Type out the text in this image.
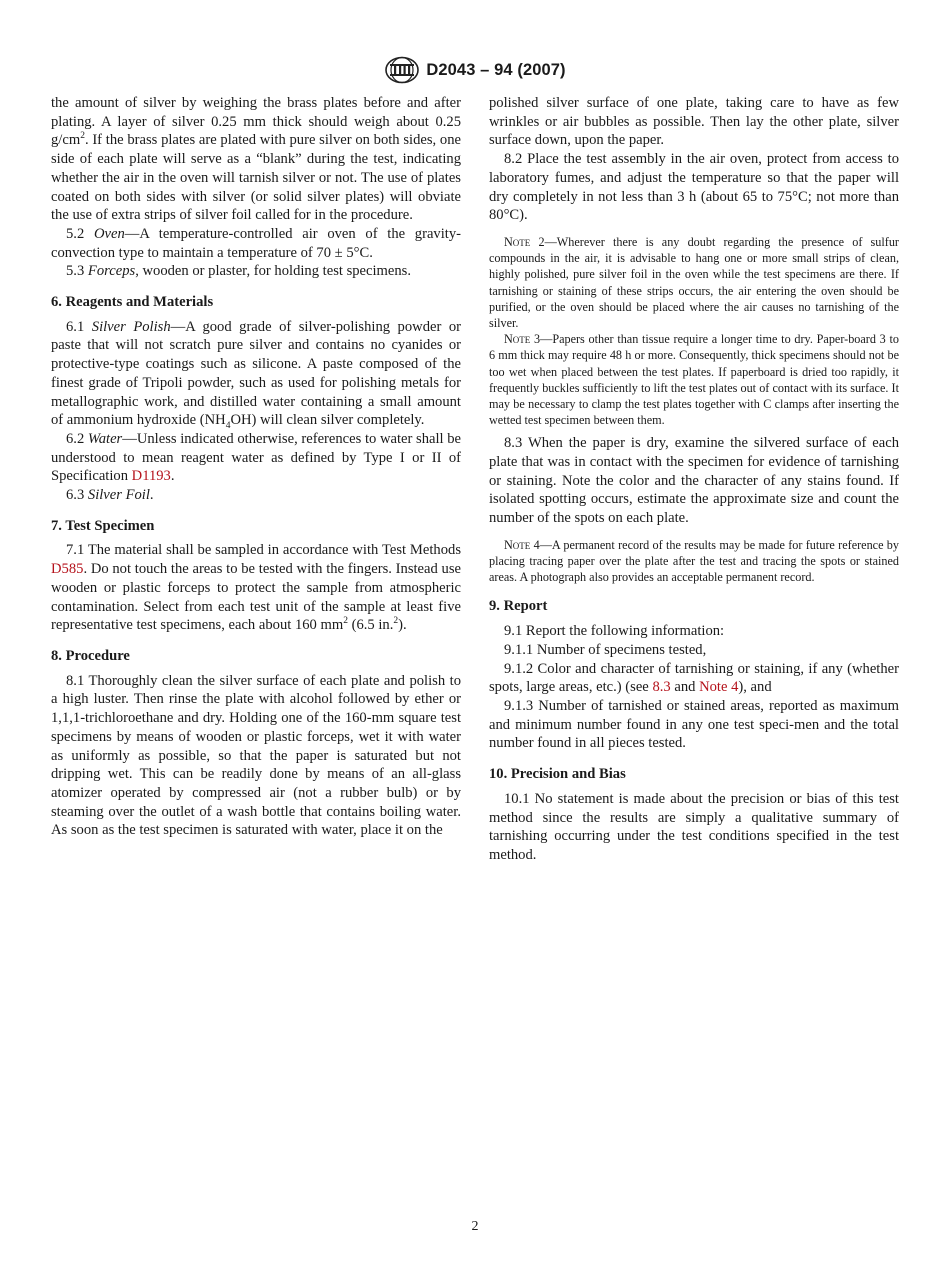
D2043 – 94 (2007)

the amount of silver by weighing the brass plates before and after plating. A layer of silver 0.25 mm thick should weigh about 0.25 $g/cm^2$. If the brass plates are plated with pure silver on both sides, one side of each plate will serve as a “blank” during the test, indicating whether the air in the oven will tarnish silver or not. The use of plates coated on both sides with silver (or solid silver plates) will obviate the use of extra strips of silver foil called for in the procedure.

5.2 Oven—A temperature-controlled air oven of the gravity-convection type to maintain a temperature of 70 ± 5°C.

5.3 Forceps, wooden or plaster, for holding test specimens.

6. Reagents and Materials

6.1 Silver Polish—A good grade of silver-polishing powder or paste that will not scratch pure silver and contains no cyanides or protective-type coatings such as silicone. A paste composed of the finest grade of Tripoli powder, such as used for polishing metals for metallographic work, and distilled water containing a small amount of ammonium hydroxide $(NH_4OH)$ will clean silver completely.

6.2 Water—Unless indicated otherwise, references to water shall be understood to mean reagent water as defined by Type I or II of Specification D1193.

6.3 Silver Foil.

7. Test Specimen

7.1 The material shall be sampled in accordance with Test Methods D585. Do not touch the areas to be tested with the fingers. Instead use wooden or plastic forceps to protect the sample from atmospheric contamination. Select from each test unit of the sample at least five representative test specimens, each about 160 $mm^2$ (6.5 in.$^2$).

8. Procedure

8.1 Thoroughly clean the silver surface of each plate and polish to a high luster. Then rinse the plate with alcohol followed by ether or 1,1,1-trichloroethane and dry. Holding one of the 160-mm square test specimens by means of wooden or plastic forceps, wet it with water as uniformly as possible, so that the paper is saturated but not dripping wet. This can be readily done by means of an all-glass atomizer operated by compressed air (not a rubber bulb) or by steaming over the outlet of a wash bottle that contains boiling water. As soon as the test specimen is saturated with water, place it on the

polished silver surface of one plate, taking care to have as few wrinkles or air bubbles as possible. Then lay the other plate, silver surface down, upon the paper.

8.2 Place the test assembly in the air oven, protect from access to laboratory fumes, and adjust the temperature so that the paper will dry completely in not less than 3 h (about 65 to 75°C; not more than 80°C).

Note 2—Wherever there is any doubt regarding the presence of sulfur compounds in the air, it is advisable to hang one or more small strips of clean, highly polished, pure silver foil in the oven while the test specimens are there. If tarnishing or staining of these strips occurs, the air entering the oven should be purified, or the oven should be placed where the air causes no tarnishing of the silver.

Note 3—Papers other than tissue require a longer time to dry. Paper-board 3 to 6 mm thick may require 48 h or more. Consequently, thick specimens should not be too wet when placed between the test plates. If paperboard is dried too rapidly, it frequently buckles sufficiently to lift the test plates out of contact with its surface. It may be necessary to clamp the test plates together with C clamps after inserting the wetted test specimen between them.

8.3 When the paper is dry, examine the silvered surface of each plate that was in contact with the specimen for evidence of tarnishing or staining. Note the color and the character of any stains found. If isolated spotting occurs, estimate the approximate size and count the number of the spots on each plate.

Note 4—A permanent record of the results may be made for future reference by placing tracing paper over the plate after the test and tracing the spots or stained areas. A photograph also provides an acceptable permanent record.

9. Report

9.1 Report the following information:

9.1.1 Number of specimens tested,

9.1.2 Color and character of tarnishing or staining, if any (whether spots, large areas, etc.) (see 8.3 and Note 4), and

9.1.3 Number of tarnished or stained areas, reported as maximum and minimum number found in any one test speci-men and the total number found in all pieces tested.

10. Precision and Bias

10.1 No statement is made about the precision or bias of this test method since the results are simply a qualitative summary of tarnishing occurring under the test conditions specified in the test method.

2
